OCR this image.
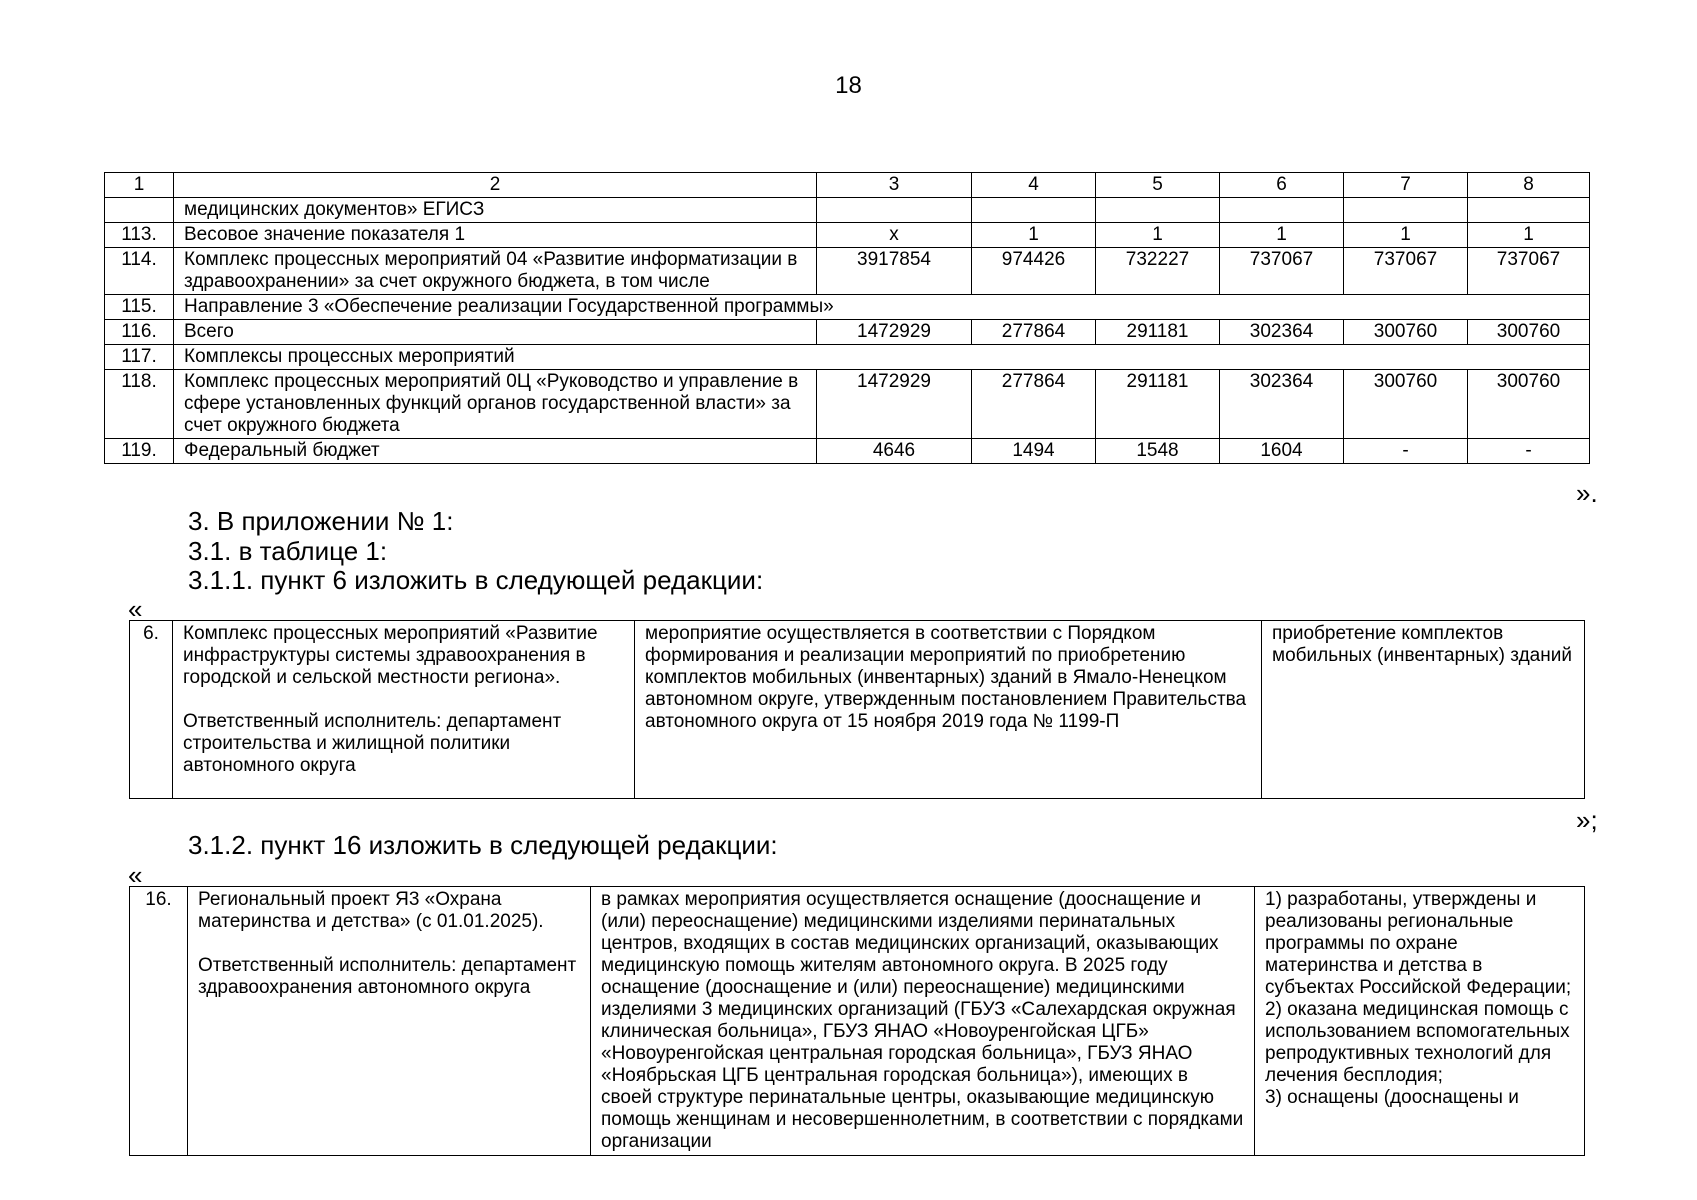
18
1	2	3	4	5	6	7	8
	медицинских документов» ЕГИСЗ						
113.	Весовое значение показателя 1	x	1	1	1	1	1
114.	Комплекс процессных мероприятий 04 «Развитие информатизации в здравоохранении» за счет окружного бюджета, в том числе	3917854	974426	732227	737067	737067	737067
115.	Направление 3 «Обеспечение реализации Государственной программы»						
116.	Всего	1472929	277864	291181	302364	300760	300760
117.	Комплексы процессных мероприятий						
118.	Комплекс процессных мероприятий 0Ц «Руководство и управление в сфере установленных функций органов государственной власти» за счет окружного бюджета	1472929	277864	291181	302364	300760	300760
119.	Федеральный бюджет	4646	1494	1548	1604	-	-
».
3. В приложении № 1:
3.1. в таблице 1:
3.1.1. пункт 6 изложить в следующей редакции:
«
6.	Комплекс процессных мероприятий «Развитие инфраструктуры системы здравоохранения в городской и сельской местности региона».
Ответственный исполнитель: департамент строительства и жилищной политики автономного округа
	мероприятие осуществляется в соответствии с Порядком формирования и реализации мероприятий по приобретению комплектов мобильных (инвентарных) зданий в Ямало-Ненецком автономном округе, утвержденным постановлением Правительства автономного округа от 15 ноября 2019 года № 1199-П	приобретение комплектов мобильных (инвентарных) зданий
»;
3.1.2. пункт 16 изложить в следующей редакции:
«
16.	Региональный проект Я3 «Охрана материнства и детства» (с 01.01.2025).
Ответственный исполнитель: департамент здравоохранения автономного округа
	в рамках мероприятия осуществляется оснащение (дооснащение и (или) переоснащение) медицинскими изделиями перинатальных центров, входящих в состав медицинских организаций, оказывающих медицинскую помощь жителям автономного округа. В 2025 году оснащение (дооснащение и (или) переоснащение) медицинскими изделиями 3 медицинских организаций (ГБУЗ «Салехардская окружная клиническая больница», ГБУЗ ЯНАО «Новоуренгойская ЦГБ» «Новоуренгойская центральная городская больница», ГБУЗ ЯНАО «Ноябрьская ЦГБ центральная городская больница»), имеющих в своей структуре перинатальные центры, оказывающие медицинскую помощь женщинам и несовершеннолетним, в соответствии с порядками организации	1) разработаны, утверждены и реализованы региональные программы по охране материнства и детства в субъектах Российской Федерации;
2) оказана медицинская помощь с использованием вспомогательных репродуктивных технологий для лечения бесплодия;
3) оснащены (дооснащены и
